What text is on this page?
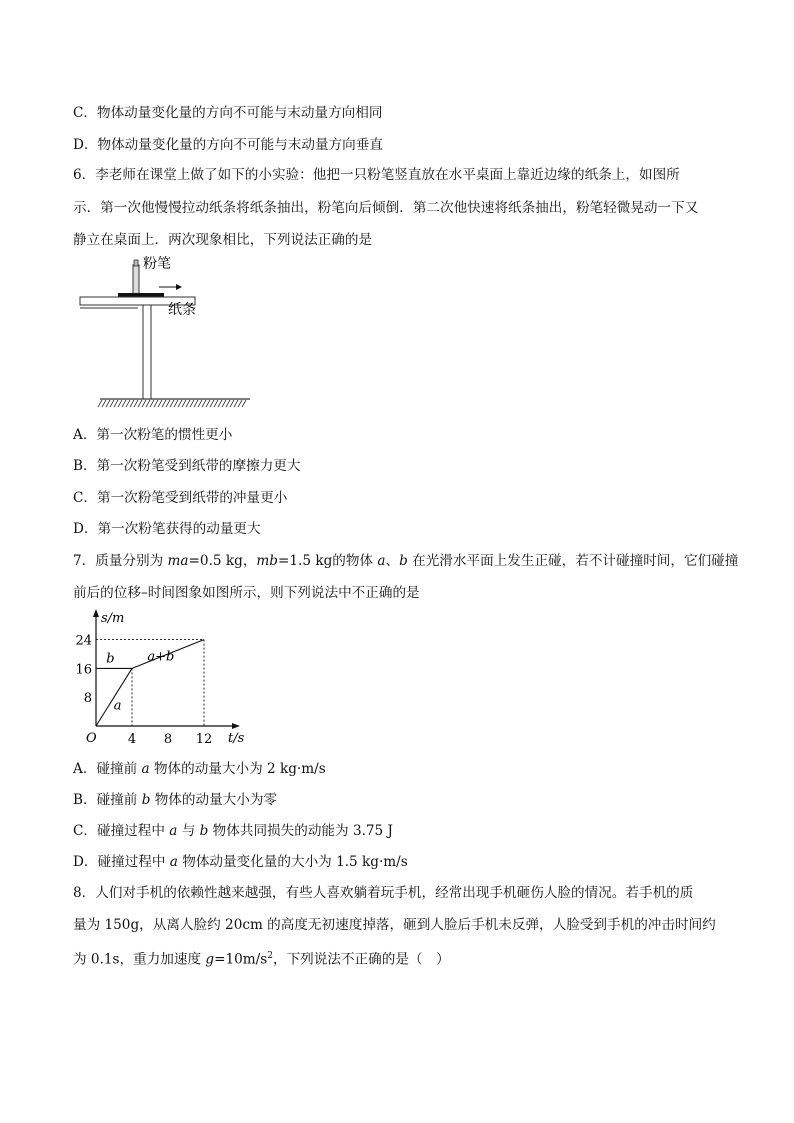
C．物体动量变化量的方向不可能与末动量方向相同
D．物体动量变化量的方向不可能与末动量方向垂直
6．李老师在课堂上做了如下的小实验：他把一只粉笔竖直放在水平桌面上靠近边缘的纸条上，如图所
示．第一次他慢慢拉动纸条将纸条抽出，粉笔向后倾倒．第二次他快速将纸条抽出，粉笔轻微晃动一下又
静立在桌面上．两次现象相比，下列说法正确的是
粉笔
纸条
A．第一次粉笔的惯性更小
B．第一次粉笔受到纸带的摩擦力更大
C．第一次粉笔受到纸带的冲量更小
D．第一次粉笔获得的动量更大
7．质量分别为 ma=0.5 kg，mb=1.5 kg的物体 a、b 在光滑水平面上发生正碰，若不计碰撞时间，它们碰撞
前后的位移–时间图象如图所示，则下列说法中不正确的是
4 8 12
8
16
24
b
a
a+b
s/m
t/s
O
A．碰撞前 a 物体的动量大小为 2 kg·m/s
B．碰撞前 b 物体的动量大小为零
C．碰撞过程中 a 与 b 物体共同损失的动能为 3.75 J
D．碰撞过程中 a 物体动量变化量的大小为 1.5 kg·m/s
8．人们对手机的依赖性越来越强，有些人喜欢躺着玩手机，经常出现手机砸伤人脸的情况。若手机的质
量为 150g，从离人脸约 20cm 的高度无初速度掉落，砸到人脸后手机未反弹，人脸受到手机的冲击时间约
为 0.1s，重力加速度 $g=10m/s^2$，下列说法不正确的是（　）
